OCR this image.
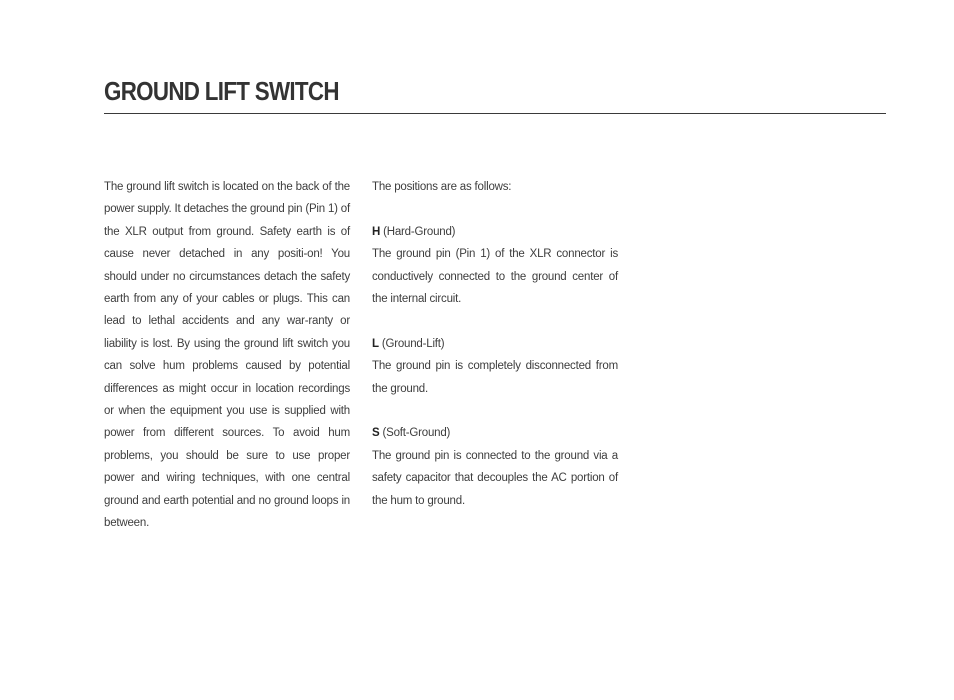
GROUND LIFT SWITCH

The ground lift switch is located on the back of the power supply. It detaches the ground pin (Pin 1) of the XLR output from ground. Safety earth is of cause never detached in any positi-on! You should under no circumstances detach the safety earth from any of your cables or plugs. This can lead to lethal accidents and any war-ranty or liability is lost. By using the ground lift switch you can solve hum problems caused by potential differences as might occur in location recordings or when the equipment you use is supplied with power from different sources. To avoid hum problems, you should be sure to use proper power and wiring techniques, with one central ground and earth potential and no ground loops in between.

The positions are as follows:

H (Hard-Ground)

The ground pin (Pin 1) of the XLR connector is conductively connected to the ground center of the internal circuit.

L (Ground-Lift)

The ground pin is completely disconnected from the ground.

S (Soft-Ground)

The ground pin is connected to the ground via a safety capacitor that decouples the AC portion of the hum to ground.
